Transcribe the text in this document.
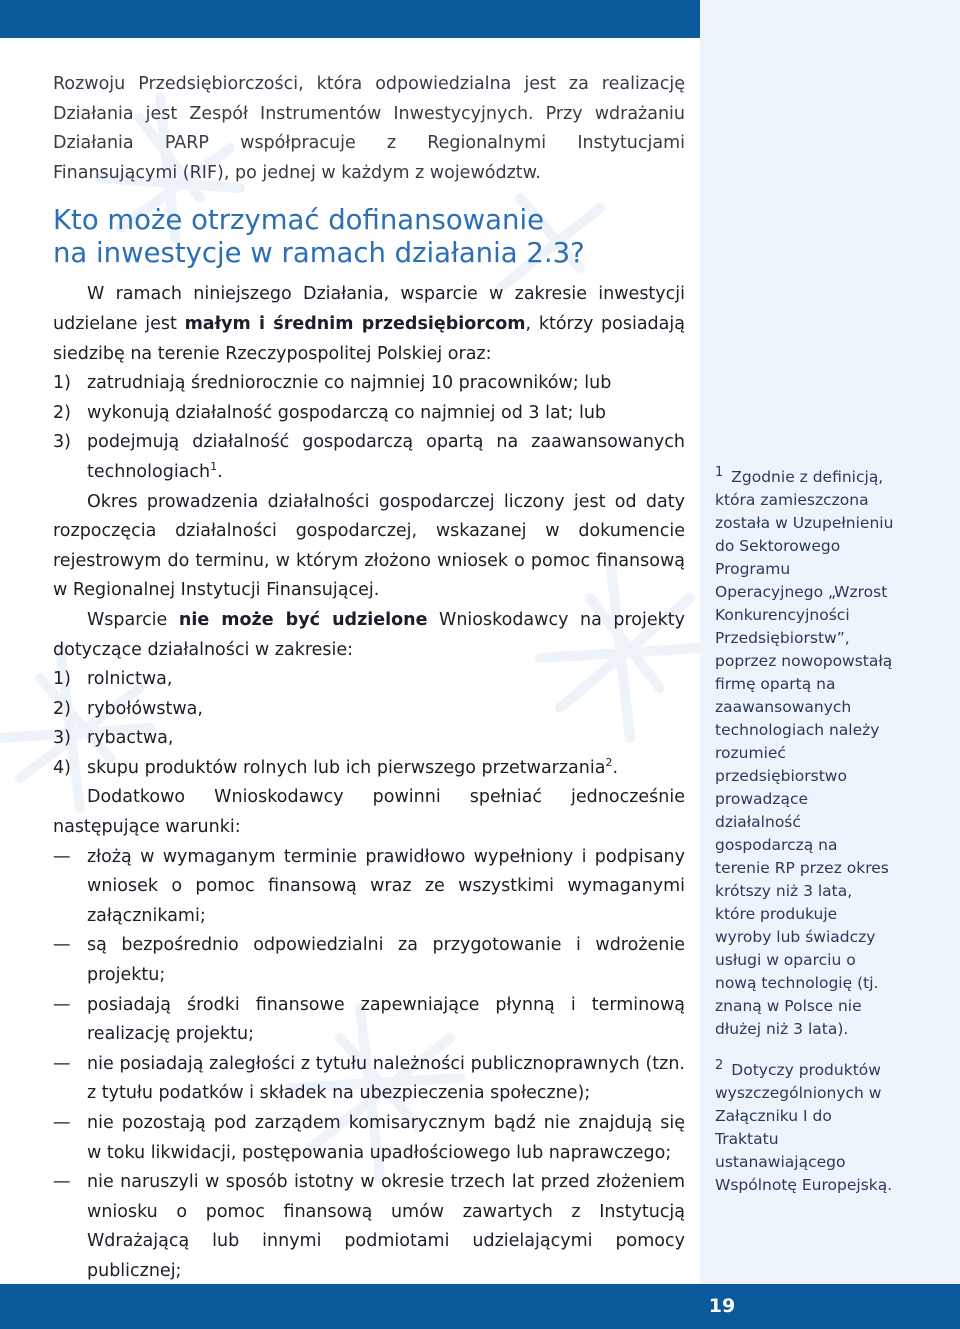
Rozwoju Przedsiębiorczości, która odpowiedzialna jest za realizację Działania jest Zespół Instrumentów Inwestycyjnych. Przy wdrażaniu Działania PARP współpracuje z Regionalnymi Instytucjami Finansującymi (RIF), po jednej w każdym z województw.

Kto może otrzymać dofinansowanie
na inwestycje w ramach działania 2.3?

W ramach niniejszego Działania, wsparcie w zakresie inwestycji udzielane jest małym i średnim przedsiębiorcom, którzy posiadają siedzibę na terenie Rzeczypospolitej Polskiej oraz:

1) zatrudniają średniorocznie co najmniej 10 pracowników; lub
2) wykonują działalność gospodarczą co najmniej od 3 lat; lub
3) podejmują działalność gospodarczą opartą na zaawansowanych technologiach$^1$.

Okres prowadzenia działalności gospodarczej liczony jest od daty rozpoczęcia działalności gospodarczej, wskazanej w dokumencie rejestrowym do terminu, w którym złożono wniosek o pomoc finansową w Regionalnej Instytucji Finansującej.

Wsparcie nie może być udzielone Wnioskodawcy na projekty dotyczące działalności w zakresie:

1) rolnictwa,
2) rybołówstwa,
3) rybactwa,
4) skupu produktów rolnych lub ich pierwszego przetwarzania$^2$.

Dodatkowo Wnioskodawcy powinni spełniać jednocześnie następujące warunki:

— złożą w wymaganym terminie prawidłowo wypełniony i podpisany wniosek o pomoc finansową wraz ze wszystkimi wymaganymi załącznikami;
— są bezpośrednio odpowiedzialni za przygotowanie i wdrożenie projektu;
— posiadają środki finansowe zapewniające płynną i terminową realizację projektu;
— nie posiadają zaległości z tytułu należności publicznoprawnych (tzn. z tytułu podatków i składek na ubezpieczenia społeczne);
— nie pozostają pod zarządem komisarycznym bądź nie znajdują się w toku likwidacji, postępowania upadłościowego lub naprawczego;
— nie naruszyli w sposób istotny w okresie trzech lat przed złożeniem wniosku o pomoc finansową umów zawartych z Instytucją Wdrażającą lub innymi podmiotami udzielającymi pomocy publicznej;

$^1$ Zgodnie z definicją, która zamieszczona została w Uzupełnieniu do Sektorowego Programu Operacyjnego „Wzrost Konkurencyjności Przedsiębiorstw”, poprzez nowopowstałą firmę opartą na zaawansowanych technologiach należy rozumieć przedsiębiorstwo prowadzące działalność gospodarczą na terenie RP przez okres krótszy niż 3 lata, które produkuje wyroby lub świadczy usługi w oparciu o nową technologię (tj. znaną w Polsce nie dłużej niż 3 lata).

$^2$ Dotyczy produktów wyszczególnionych w Załączniku I do Traktatu ustanawiającego Wspólnotę Europejską.

19
